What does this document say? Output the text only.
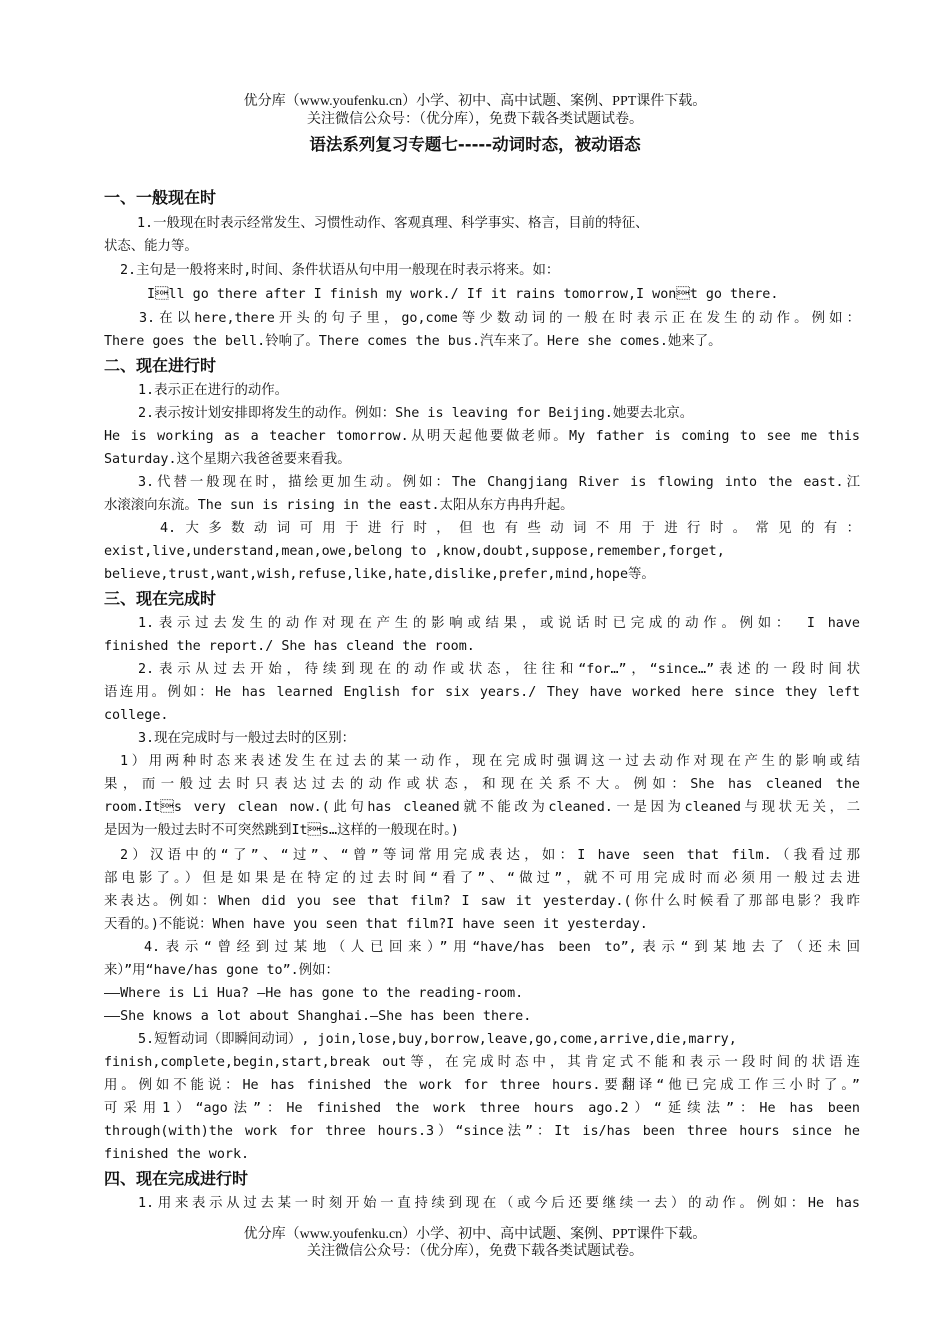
优分库（www.youfenku.cn）小学、初中、高中试题、案例、PPT课件下载。
关注微信公众号：（优分库），免费下载各类试题试卷。
语法系列复习专题七-----动词时态，被动语态
一、一般现在时
1.一般现在时表示经常发生、习惯性动作、客观真理、科学事实、格言，目前的特征、
状态、能力等。
2.主句是一般将来时,时间、条件状语从句中用一般现在时表示将来。如：
Ill go there after I finish my work./ If it rains tomorrow,I wont go there.
3.在以here,there开头的句子里，go,come等少数动词的一般在时表示正在发生的动作。例如：
There goes the bell.铃响了。There comes the bus.汽车来了。Here she comes.她来了。
二、现在进行时
1.表示正在进行的动作。
2.表示按计划安排即将发生的动作。例如：She is leaving for Beijing.她要去北京。
He is working as a teacher tomorrow.从明天起他要做老师。My father is coming to see me this
Saturday.这个星期六我爸爸要来看我。
3.代替一般现在时，描绘更加生动。例如：The Changjiang River is flowing into the east.江
水滚滚向东流。The sun is rising in the east.太阳从东方冉冉升起。
4.大多数动词可用于进行时，但也有些动词不用于进行时。常见的有：
exist,live,understand,mean,owe,belong to ,know,doubt,suppose,remember,forget,
believe,trust,want,wish,refuse,like,hate,dislike,prefer,mind,hope等。
三、现在完成时
1.表示过去发生的动作对现在产生的影响或结果，或说话时已完成的动作。例如： I have
finished the report./ She has cleand the room.
2.表示从过去开始，待续到现在的动作或状态，往往和“for…”，“since…”表述的一段时间状
语连用。例如：He has learned English for six years./ They have worked here since they left
college.
3.现在完成时与一般过去时的区别：
1）用两种时态来表述发生在过去的某一动作，现在完成时强调这一过去动作对现在产生的影响或结
果，而一般过去时只表达过去的动作或状态，和现在关系不大。例如：She has cleaned the
room.Its very clean now.(此句has cleaned就不能改为cleaned.一是因为cleaned与现状无关，二
是因为一般过去时不可突然跳到Its…这样的一般现在时。)
2）汉语中的“了”、“过”、“曾”等词常用完成表达，如：I have seen that film.（我看过那
部电影了。）但是如果是在特定的过去时间“看了”、“做过”，就不可用完成时而必须用一般过去进
来表达。例如：When did you see that film? I saw it yesterday.(你什么时候看了那部电影？我昨
天看的。)不能说：When have you seen that film?I have seen it yesterday.
4.表示“曾经到过某地（人已回来）”用“have/has been to”,表示“到某地去了（还未回
来）”用“have/has gone to”.例如：
——Where is Li Hua? —He has gone to the reading-room.
——She knows a lot about Shanghai.—She has been there.
5.短暂动词（即瞬间动词）, join,lose,buy,borrow,leave,go,come,arrive,die,marry,
finish,complete,begin,start,break out等，在完成时态中，其肯定式不能和表示一段时间的状语连
用。例如不能说：He has finished the work for three hours.要翻译“他已完成工作三小时了。”
可采用1）“ago法”：He finished the work three hours ago.2）“延续法”：He has been
through(with)the work for three hours.3）“since法”：It is/has been three hours since he
finished the work.
四、现在完成进行时
1.用来表示从过去某一时刻开始一直持续到现在（或今后还要继续一去）的动作。例如：He has
优分库（www.youfenku.cn）小学、初中、高中试题、案例、PPT课件下载。
关注微信公众号：（优分库），免费下载各类试题试卷。
